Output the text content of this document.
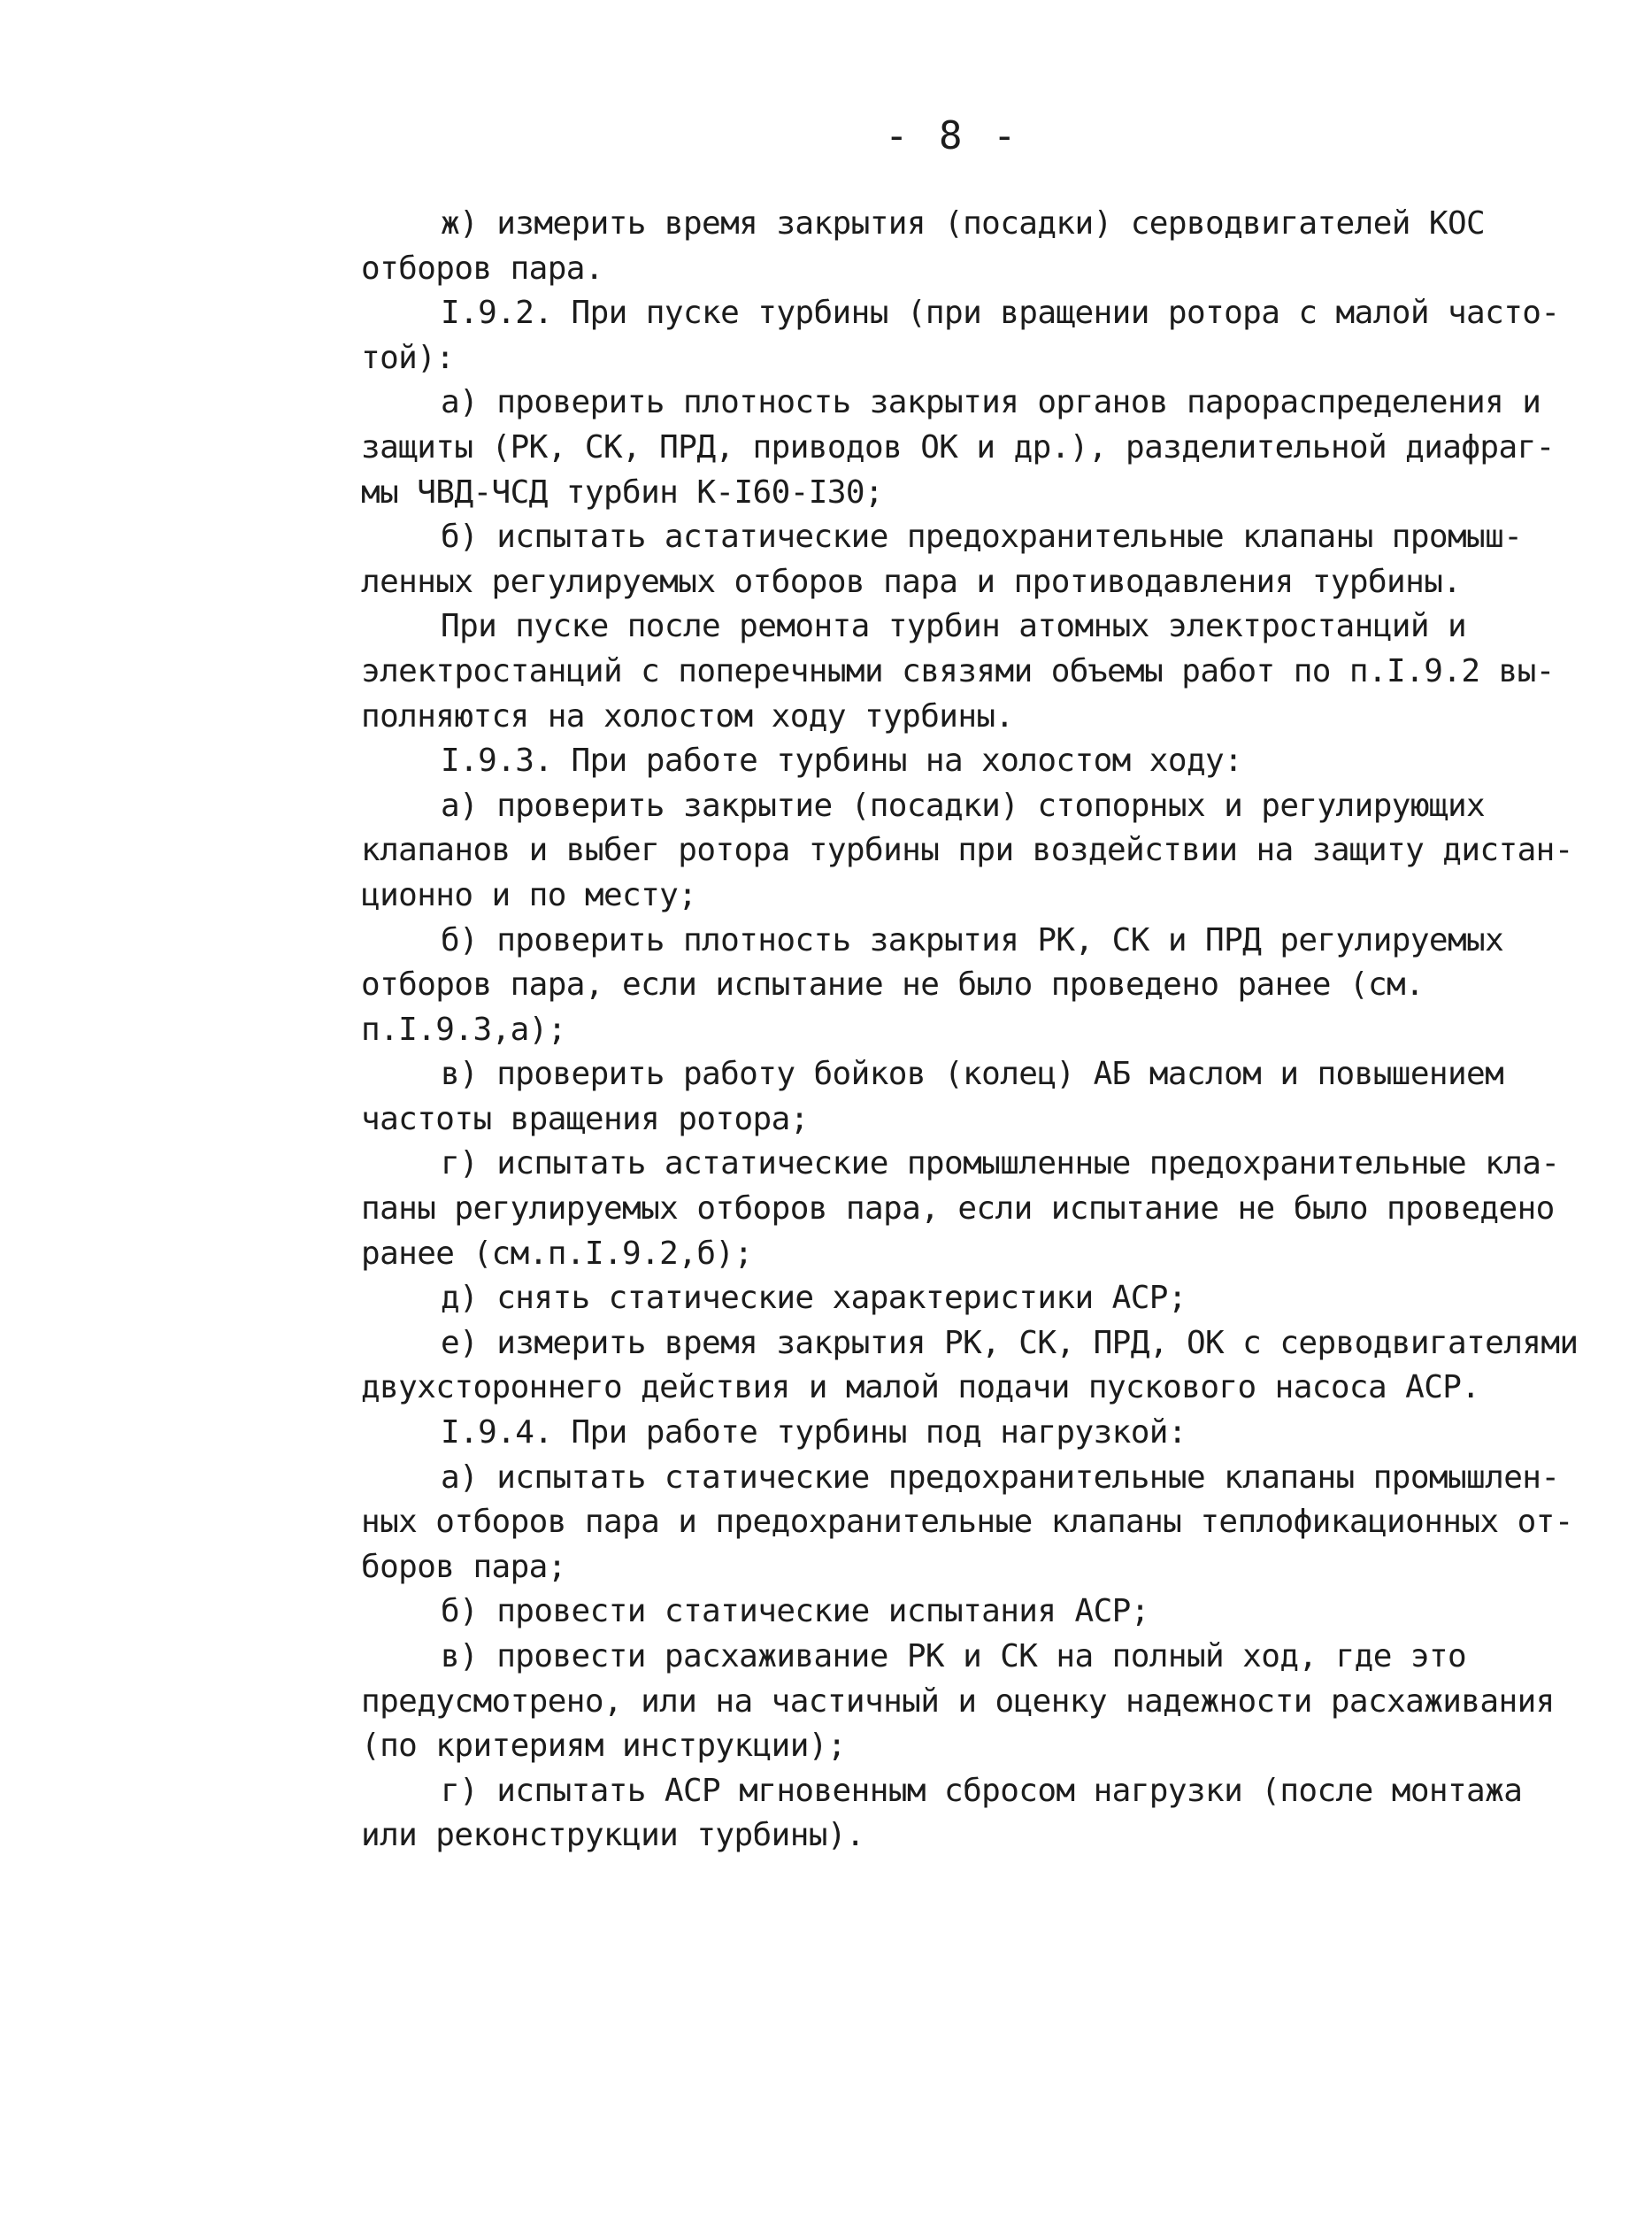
- 8 -
ж) измерить время закрытия (посадки) серводвигателей КОС
отборов пара.
I.9.2. При пуске турбины (при вращении ротора с малой часто-
той):
а) проверить плотность закрытия органов парораспределения и
защиты (РК, СК, ПРД, приводов ОК и др.), разделительной диафраг-
мы ЧВД-ЧСД турбин К-I60-I30;
б) испытать астатические предохранительные клапаны промыш-
ленных регулируемых отборов пара и противодавления турбины.
При пуске после ремонта турбин атомных электростанций и
электростанций с поперечными связями объемы работ по п.I.9.2 вы-
полняются на холостом ходу турбины.
I.9.3. При работе турбины на холостом ходу:
а) проверить закрытие (посадки) стопорных и регулирующих
клапанов и выбег ротора турбины при воздействии на защиту дистан-
ционно и по месту;
б) проверить плотность закрытия РК, СК и ПРД регулируемых
отборов пара, если испытание не было проведено ранее (см.
п.I.9.3,а);
в) проверить работу бойков (колец) АБ маслом и повышением
частоты вращения ротора;
г) испытать астатические промышленные предохранительные кла-
паны регулируемых отборов пара, если испытание не было проведено
ранее (см.п.I.9.2,б);
д) снять статические характеристики АСР;
е) измерить время закрытия РК, СК, ПРД, ОК с серводвигателями
двухстороннего действия и малой подачи пускового насоса АСР.
I.9.4. При работе турбины под нагрузкой:
а) испытать статические предохранительные клапаны промышлен-
ных отборов пара и предохранительные клапаны теплофикационных от-
боров пара;
б) провести статические испытания АСР;
в) провести расхаживание РК и СК на полный ход, где это
предусмотрено, или на частичный и оценку надежности расхаживания
(по критериям инструкции);
г) испытать АСР мгновенным сбросом нагрузки (после монтажа
или реконструкции турбины).
